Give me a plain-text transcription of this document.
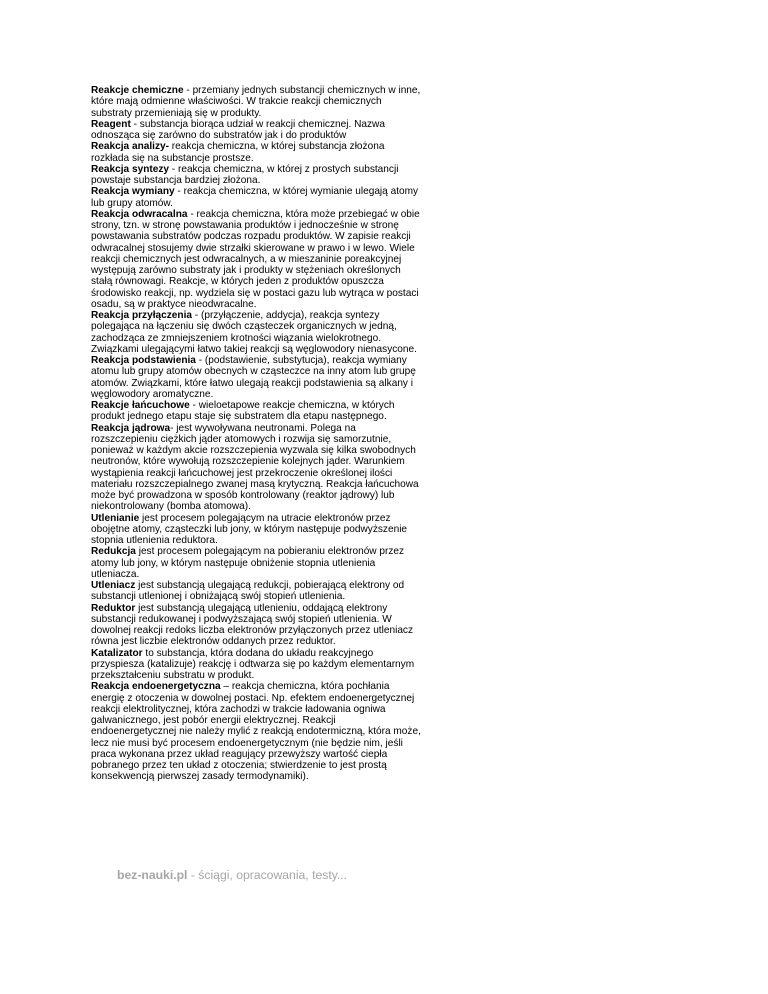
Reakcje chemiczne - przemiany jednych substancji chemicznych w inne, które mają odmienne właściwości. W trakcie reakcji chemicznych substraty przemieniają się w produkty.

Reagent - substancja biorąca udział w reakcji chemicznej. Nazwa odnosząca się zarówno do substratów jak i do produktów

Reakcja analizy- reakcja chemiczna, w której substancja złożona rozkłada się na substancje prostsze.

Reakcja syntezy - reakcja chemiczna, w której z prostych substancji powstaje substancja bardziej złożona.

Reakcja wymiany - reakcja chemiczna, w której wymianie ulegają atomy lub grupy atomów.

Reakcja odwracalna - reakcja chemiczna, która może przebiegać w obie strony, tzn. w stronę powstawania produktów i jednocześnie w stronę powstawania substratów podczas rozpadu produktów. W zapisie reakcji odwracalnej stosujemy dwie strzałki skierowane w prawo i w lewo. Wiele reakcji chemicznych jest odwracalnych, a w mieszaninie poreakcyjnej występują zarówno substraty jak i produkty w stężeniach określonych stałą równowagi. Reakcje, w których jeden z produktów opuszcza środowisko reakcji, np. wydziela się w postaci gazu lub wytrąca w postaci osadu, są w praktyce nieodwracalne.

Reakcja przyłączenia - (przyłączenie, addycja), reakcja syntezy polegająca na łączeniu się dwóch cząsteczek organicznych w jedną, zachodząca ze zmniejszeniem krotności wiązania wielokrotnego. Związkami ulegającymi łatwo takiej reakcji są węglowodory nienasycone.

Reakcja podstawienia - (podstawienie, substytucja), reakcja wymiany atomu lub grupy atomów obecnych w cząsteczce na inny atom lub grupę atomów. Związkami, które łatwo ulegają reakcji podstawienia są alkany i węglowodory aromatyczne.

Reakcje łańcuchowe - wieloetapowe reakcje chemiczna, w których produkt jednego etapu staje się substratem dla etapu następnego.

Reakcja jądrowa- jest wywoływana neutronami. Polega na rozszczepieniu ciężkich jąder atomowych i rozwija się samorzutnie, ponieważ w każdym akcie rozszczepienia wyzwala się kilka swobodnych neutronów, które wywołują rozszczepienie kolejnych jąder. Warunkiem wystąpienia reakcji łańcuchowej jest przekroczenie określonej ilości materiału rozszczepialnego zwanej masą krytyczną. Reakcja łańcuchowa może być prowadzona w sposób kontrolowany (reaktor jądrowy) lub niekontrolowany (bomba atomowa).

Utlenianie jest procesem polegającym na utracie elektronów przez obojętne atomy, cząsteczki lub jony, w którym następuje podwyższenie stopnia utlenienia reduktora.

Redukcja jest procesem polegającym na pobieraniu elektronów przez atomy lub jony, w którym następuje obniżenie stopnia utlenienia utleniacza.

Utleniacz jest substancją ulegającą redukcji, pobierającą elektrony od substancji utlenionej i obniżającą swój stopień utlenienia.

Reduktor jest substancją ulegającą utlenieniu, oddającą elektrony substancji redukowanej i podwyższającą swój stopień utlenienia. W dowolnej reakcji redoks liczba elektronów przyłączonych przez utleniacz równa jest liczbie elektronów oddanych przez reduktor.

Katalizator to substancja, która dodana do układu reakcyjnego przyspiesza (katalizuje) reakcję i odtwarza się po każdym elementarnym przekształceniu substratu w produkt.

Reakcja endoenergetyczna – reakcja chemiczna, która pochłania energię z otoczenia w dowolnej postaci. Np. efektem endoenergetycznej reakcji elektrolitycznej, która zachodzi w trakcie ładowania ogniwa galwanicznego, jest pobór energii elektrycznej. Reakcji endoenergetycznej nie należy mylić z reakcją endotermiczną, która może, lecz nie musi być procesem endoenergetycznym (nie będzie nim, jeśli praca wykonana przez układ reagujący przewyższy wartość ciepła pobranego przez ten układ z otoczenia; stwierdzenie to jest prostą konsekwencją pierwszej zasady termodynamiki).

bez-nauki.pl - ściągi, opracowania, testy...
